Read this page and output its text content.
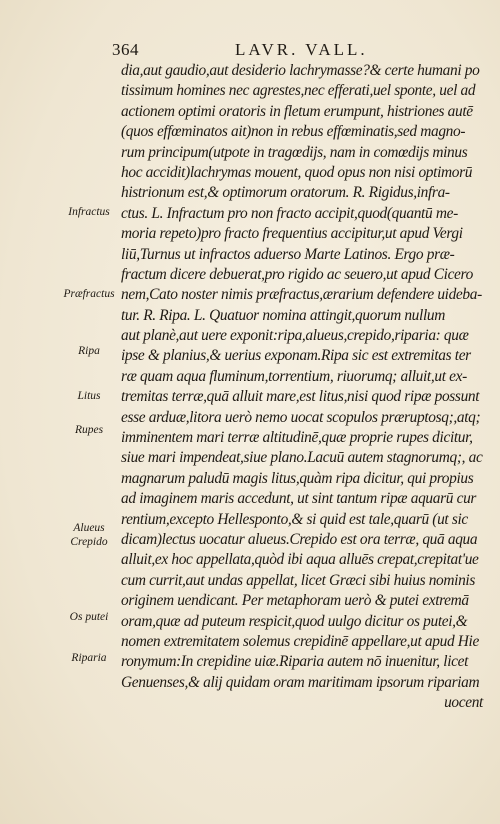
364	LAVR. VALL.
Infractus
Præfractus
Ripa
Litus
Rupes
Alueus
Crepido
Os putei
Riparia
dia,aut gaudio,aut desiderio lachrymasse?& certe humani po
tissimum homines nec agrestes,nec efferati,uel sponte, uel ad
actionem optimi oratoris in fletum erumpunt, histriones autē
(quos effœminatos ait)non in rebus effœminatis,sed magno-
rum principum(utpote in tragœdijs, nam in comœdijs minus
hoc accidit)lachrymas mouent, quod opus non nisi optimorū
histrionum est,& optimorum oratorum. R. Rigidus,infra-
ctus. L. Infractum pro non fracto accipit,quod(quantū me-
moria repeto)pro fracto frequentius accipitur,ut apud Vergi
liū,Turnus ut infractos aduerso Marte Latinos. Ergo præ-
fractum dicere debuerat,pro rigido ac seuero,ut apud Cicero
nem,Cato noster nimis præfractus,ærarium defendere uideba-
tur. R. Ripa. L. Quatuor nomina attingit,quorum nullum
aut planè,aut uere exponit:ripa,alueus,crepido,riparia: quæ
ipse & planius,& uerius exponam.Ripa sic est extremitas ter
ræ quam aqua fluminum,torrentium, riuorumq; alluit,ut ex-
tremitas terræ,quā alluit mare,est litus,nisi quod ripæ possunt
esse arduæ,litora uerò nemo uocat scopulos præruptosq;,atq;
imminentem mari terræ altitudinē,quæ proprie rupes dicitur,
siue mari impendeat,siue plano.Lacuū autem stagnorumq;, ac
magnarum paludū magis litus,quàm ripa dicitur, qui propius
ad imaginem maris accedunt, ut sint tantum ripæ aquarū cur
rentium,excepto Hellespontο,& si quid est tale,quarū (ut sic
dicam)lectus uocatur alueus.Crepido est ora terræ, quā aqua
alluit,ex hoc appellata,quòd ibi aqua alluēs crepat,crepitat'ue
cum currit,aut undas appellat, licet Græci sibi huius nominis
originem uendicant. Per metaphoram uerò & putei extremā
oram,quæ ad puteum respicit,quod uulgo dicitur os putei,&
nomen extremitatem solemus crepidinē appellare,ut apud Hie
ronymum:In crepidine uiæ.Riparia autem nō inuenitur, licet
Genuenses,& alij quidam oram maritimam ipsorum ripariam
uocent
